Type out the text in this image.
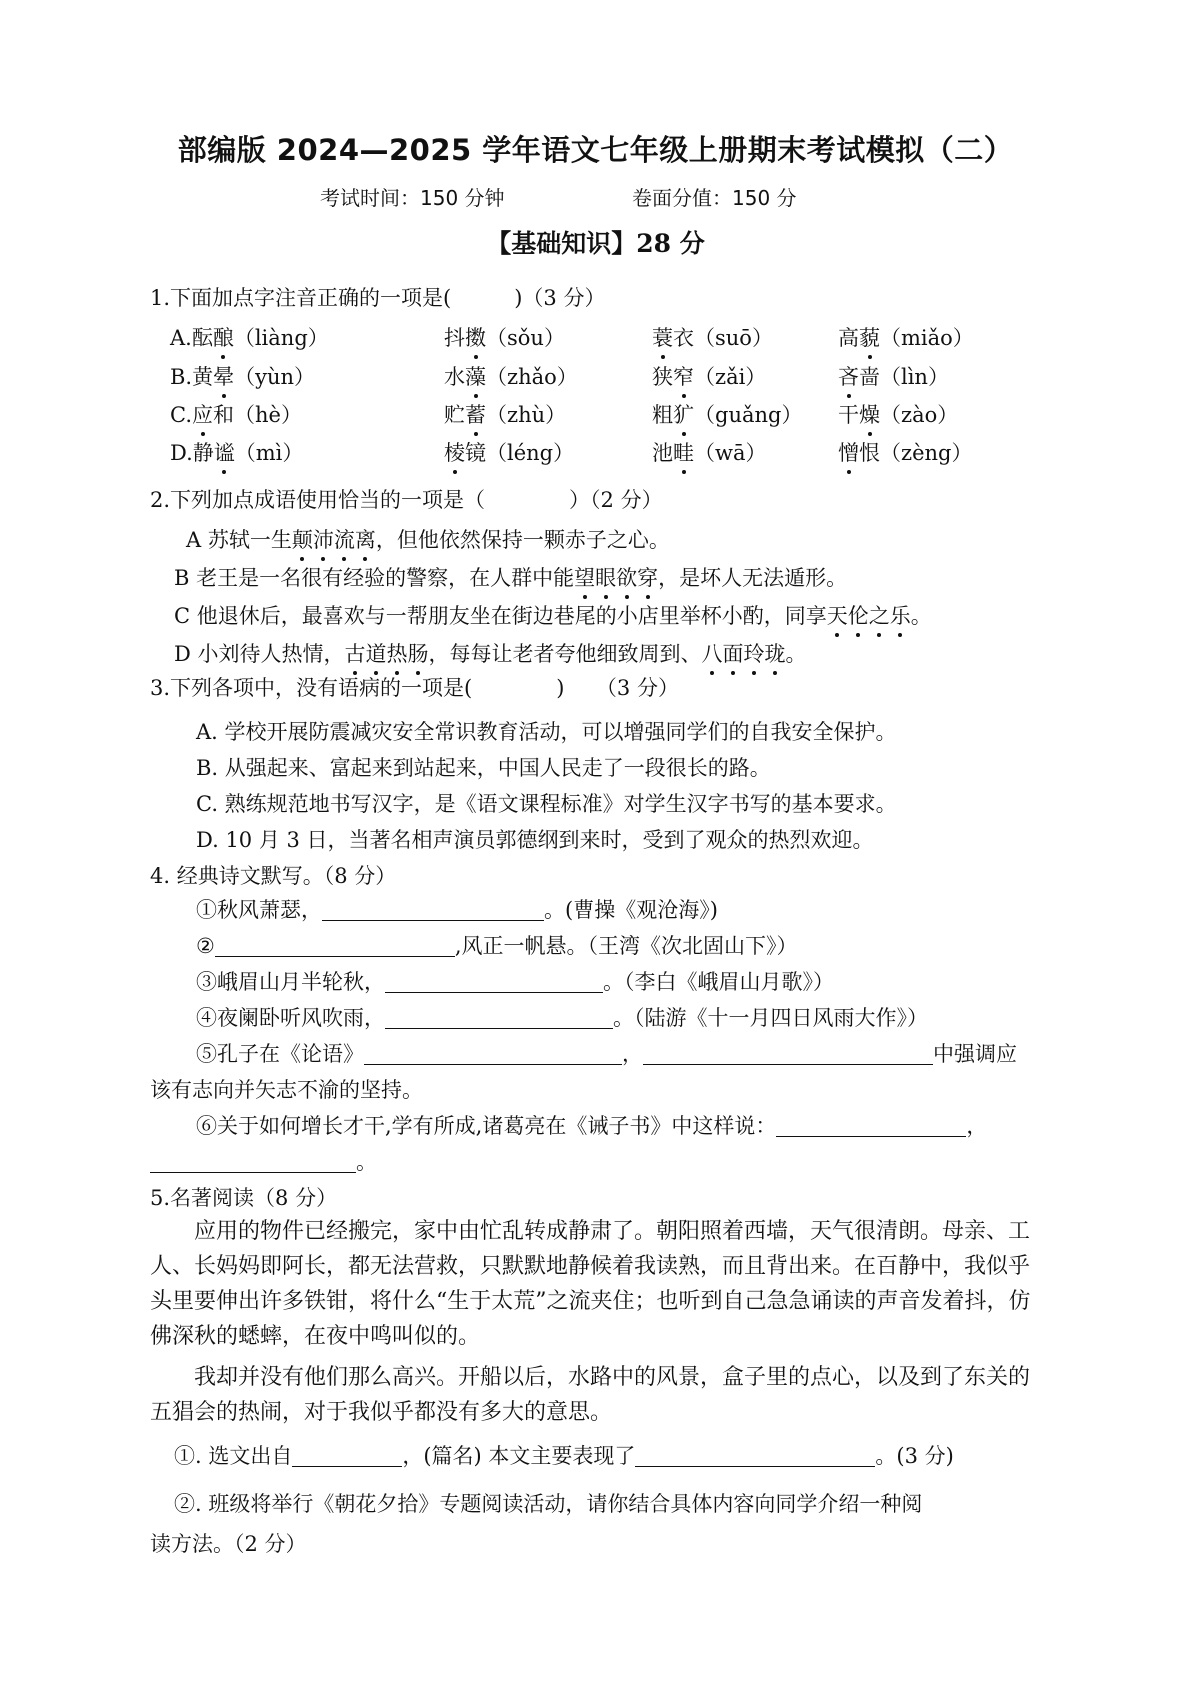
部编版 2024—2025 学年语文七年级上册期末考试模拟（二）
考试时间：150 分钟	卷面分值：150 分
【基础知识】28 分
1.下面加点字注音正确的一项是(　　　)（3 分）
A.酝酿（liàng）	抖擞（sǒu）	蓑衣（suō）	高藐（miǎo）
B.黄晕（yùn）	水藻（zhǎo）	狭窄（zǎi）	吝啬（lìn）
C.应和（hè）	贮蓄（zhù）	粗犷（guǎng） 干燥（zào）
D.静谧（mì）	棱镜（léng）	池畦（wā）	憎恨（zèng）
2.下列加点成语使用恰当的一项是（　　　　）（2 分）
A 苏轼一生颠沛流离，但他依然保持一颗赤子之心。
B 老王是一名很有经验的警察，在人群中能望眼欲穿，是坏人无法遁形。
C 他退休后，最喜欢与一帮朋友坐在街边巷尾的小店里举杯小酌，同享天伦之乐。
D 小刘待人热情，古道热肠，每每让老者夸他细致周到、八面玲珑。
3.下列各项中，没有语病的一项是(　　　　)　　（3 分）
A. 学校开展防震减灾安全常识教育活动，可以增强同学们的自我安全保护。
B. 从强起来、富起来到站起来，中国人民走了一段很长的路。
C. 熟练规范地书写汉字，是《语文课程标准》对学生汉字书写的基本要求。
D. 10 月 3 日，当著名相声演员郭德纲到来时，受到了观众的热烈欢迎。
4. 经典诗文默写。（8 分）
①秋风萧瑟，	。(曹操《观沧海》)
②	,风正一帆悬。（王湾《次北固山下》）
③峨眉山月半轮秋，	。（李白《峨眉山月歌》）
④夜阑卧听风吹雨，	。（陆游《十一月四日风雨大作》）
⑤孔子在《论语》	，	中强调应
该有志向并矢志不渝的坚持。
⑥关于如何增长才干,学有所成,诸葛亮在《诫子书》中这样说：	，
。
5.名著阅读（8 分）
应用的物件已经搬完，家中由忙乱转成静肃了。朝阳照着西墙，天气很清朗。母亲、工人、长妈妈即阿长，都无法营救，只默默地静候着我读熟，而且背出来。在百静中，我似乎头里要伸出许多铁钳，将什么“生于太荒”之流夹住；也听到自己急急诵读的声音发着抖，仿佛深秋的蟋蟀，在夜中鸣叫似的。
我却并没有他们那么高兴。开船以后，水路中的风景，盒子里的点心，以及到了东关的五猖会的热闹，对于我似乎都没有多大的意思。
①. 选文出自	，(篇名) 本文主要表现了	。(3 分)
②. 班级将举行《朝花夕拾》专题阅读活动，请你结合具体内容向同学介绍一种阅
读方法。（2 分）
